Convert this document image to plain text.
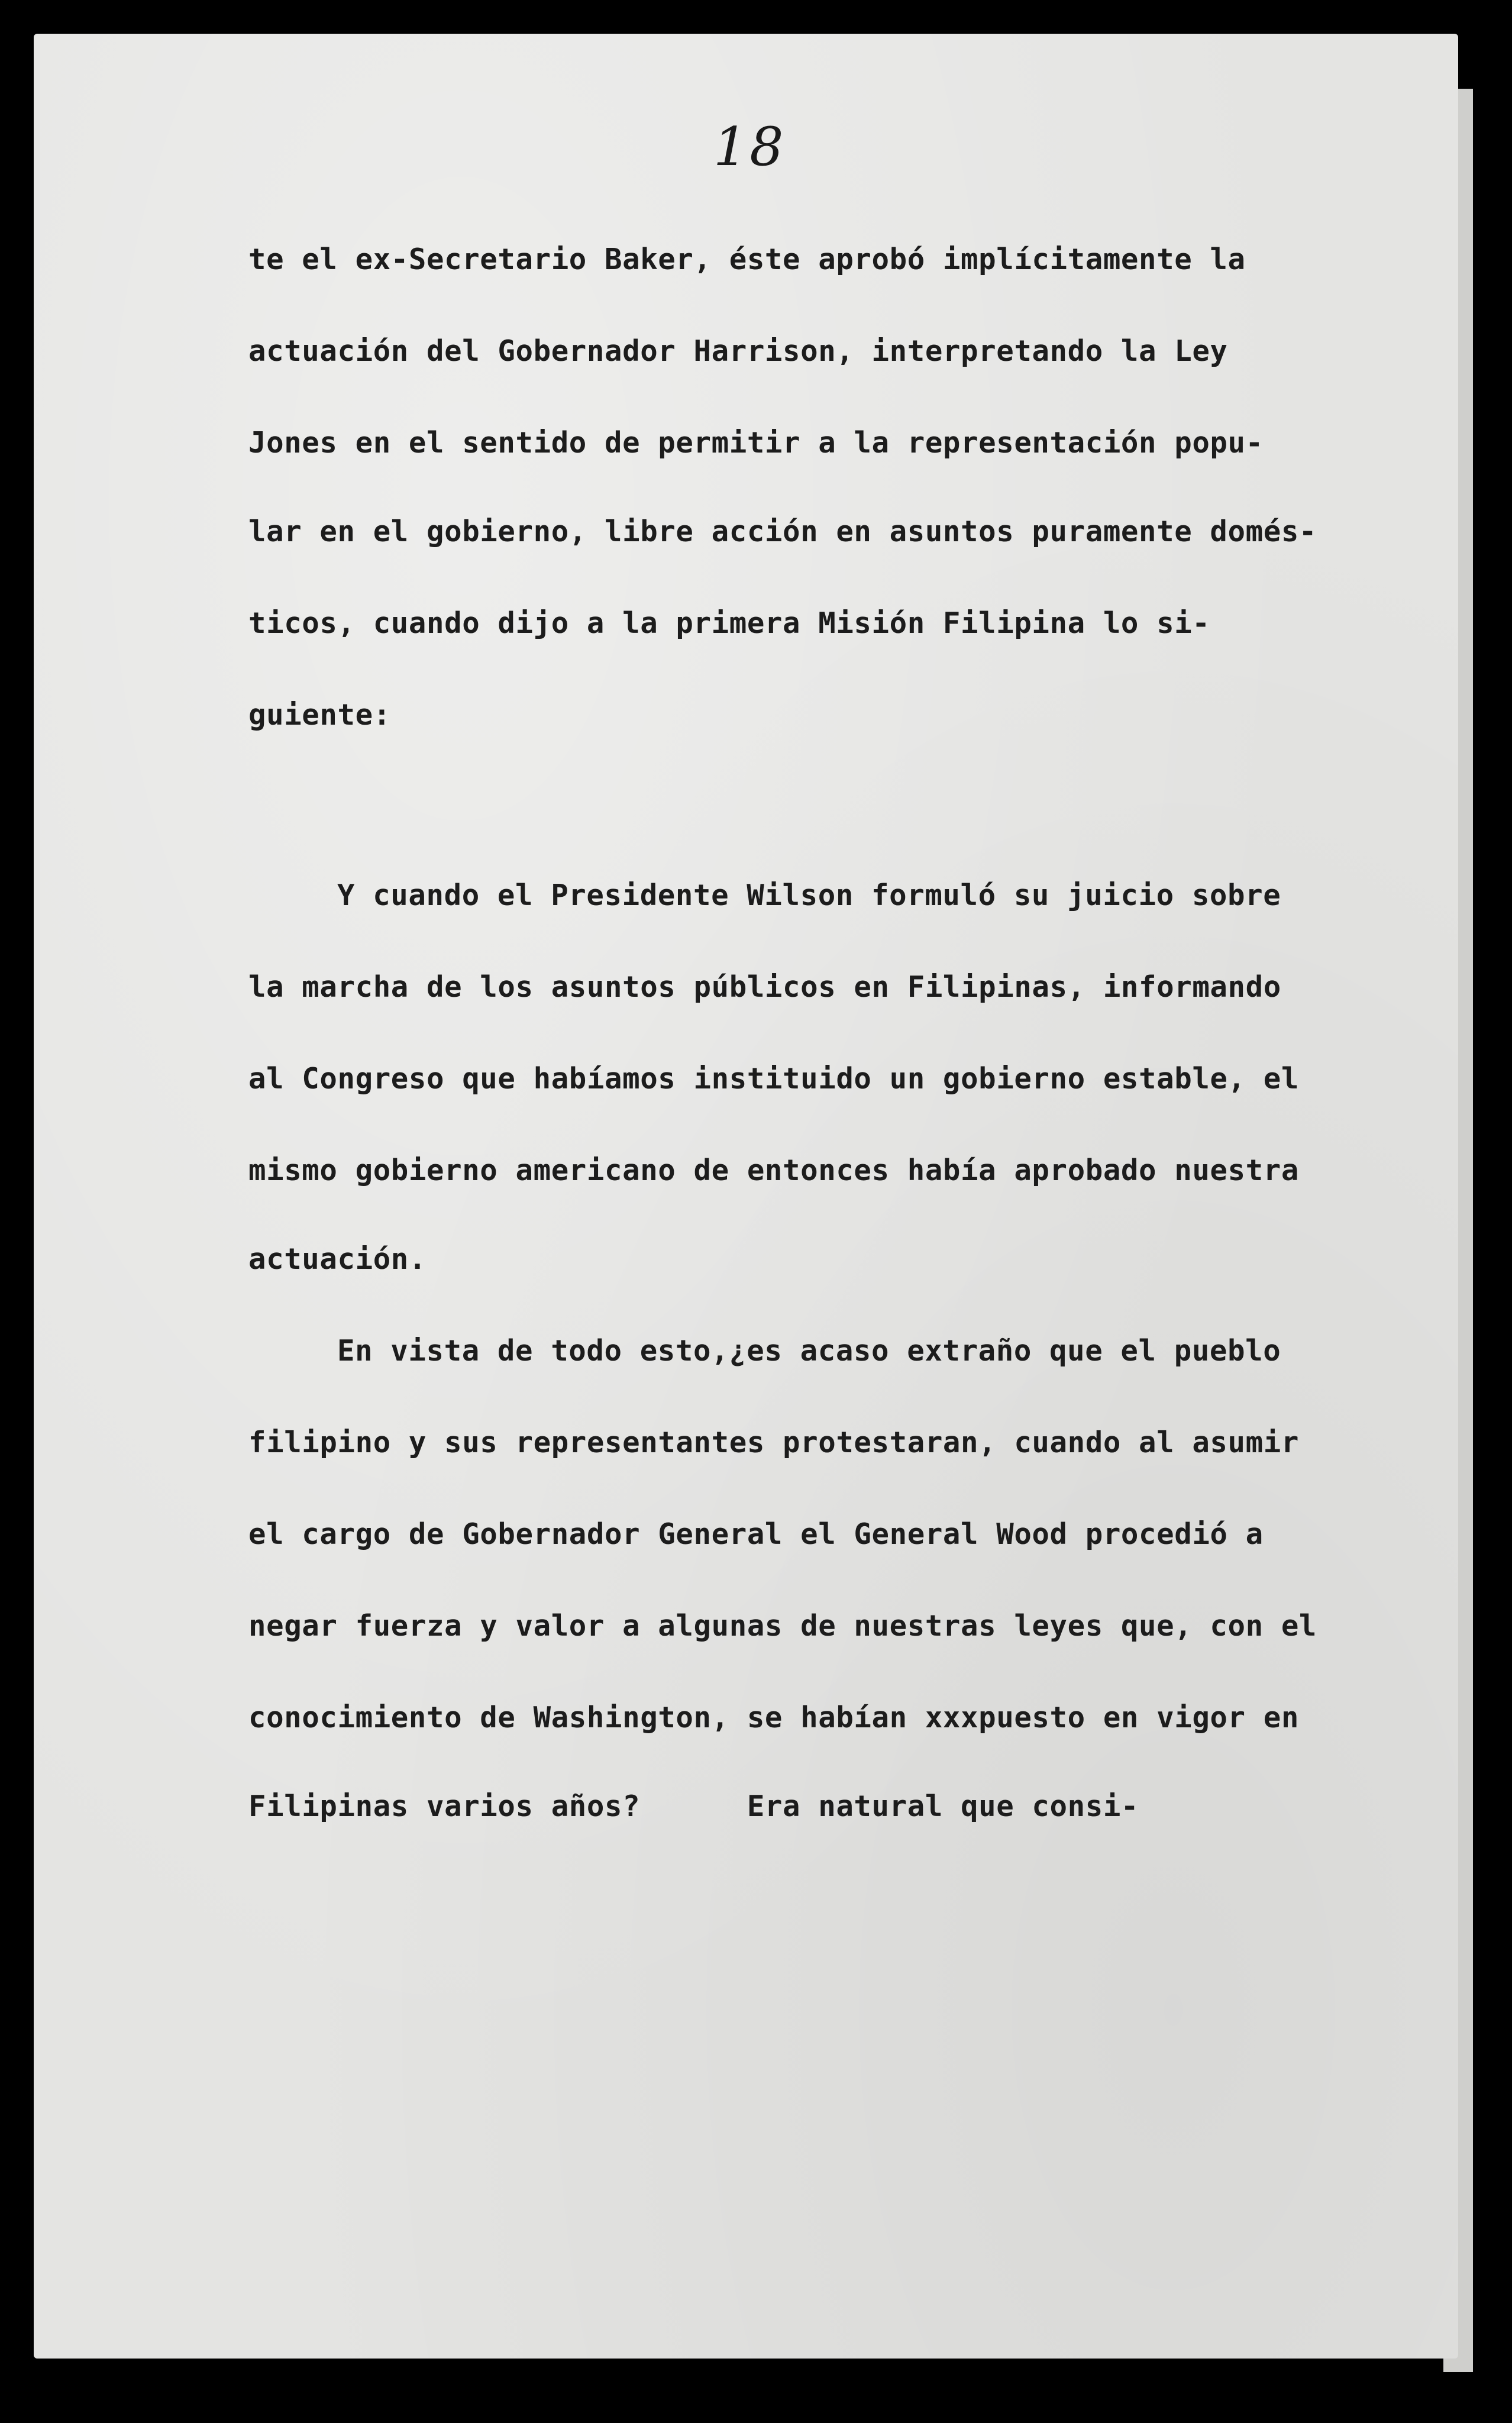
18
te el ex-Secretario Baker, éste aprobó implícitamente la
actuación del Gobernador Harrison, interpretando la Ley
Jones en el sentido de permitir a la representación popu-
lar en el gobierno, libre acción en asuntos puramente domés-
ticos, cuando dijo a la primera Misión Filipina lo si-
guiente:
Y cuando el Presidente Wilson formuló su juicio sobre
la marcha de los asuntos públicos en Filipinas, informando
al Congreso que habíamos instituido un gobierno estable, el
mismo gobierno americano de entonces había aprobado nuestra
actuación.
En vista de todo esto,¿es acaso extraño que el pueblo
filipino y sus representantes protestaran, cuando al asumir
el cargo de Gobernador General el General Wood procedió a
negar fuerza y valor a algunas de nuestras leyes que, con el
conocimiento de Washington, se habían xxxpuesto en vigor en
Filipinas varios años?      Era natural que consi-
